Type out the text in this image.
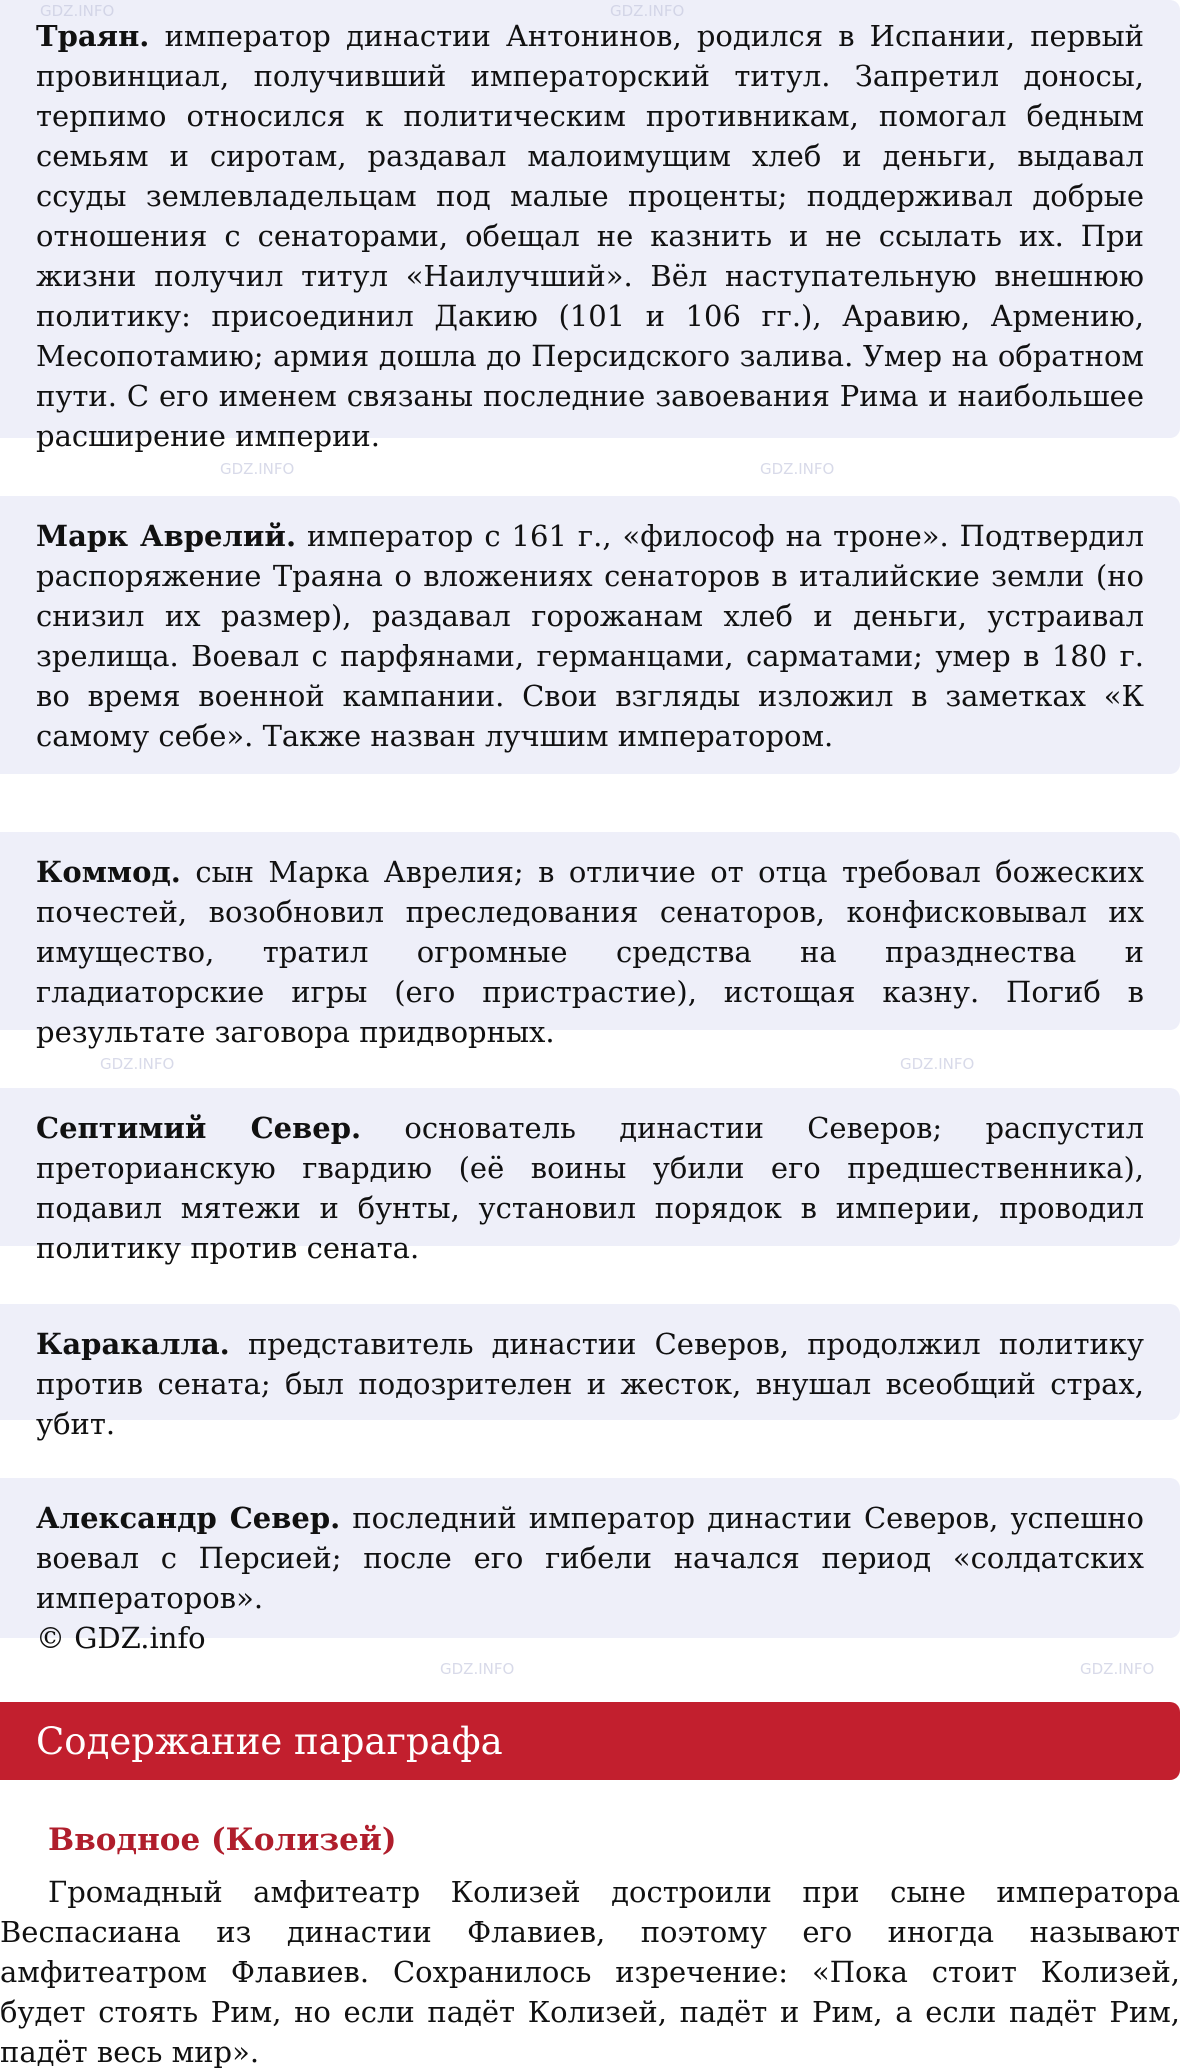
Траян. император династии Антонинов, родился в Испании, первый провинциал, получивший императорский титул. Запретил доносы, терпимо относился к политическим противникам, помогал бедным семьям и сиротам, раздавал малоимущим хлеб и деньги, выдавал ссуды землевладельцам под малые проценты; поддерживал добрые отношения с сенаторами, обещал не казнить и не ссылать их. При жизни получил титул «Наилучший». Вёл наступательную внешнюю политику: присоединил Дакию (101 и 106 гг.), Аравию, Армению, Месопотамию; армия дошла до Персидского залива. Умер на обратном пути. С его именем связаны последние завоевания Рима и наибольшее расширение империи.

Марк Аврелий. император с 161 г., «философ на троне». Подтвердил распоряжение Траяна о вложениях сенаторов в италийские земли (но снизил их размер), раздавал горожанам хлеб и деньги, устраивал зрелища. Воевал с парфянами, германцами, сарматами; умер в 180 г. во время военной кампании. Свои взгляды изложил в заметках «К самому себе». Также назван лучшим императором.

Коммод. сын Марка Аврелия; в отличие от отца требовал божеских почестей, возобновил преследования сенаторов, конфисковывал их имущество, тратил огромные средства на празднества и гладиаторские игры (его пристрастие), истощая казну. Погиб в результате заговора придворных.

Септимий Север. основатель династии Северов; распустил преторианскую гвардию (её воины убили его предшественника), подавил мятежи и бунты, установил порядок в империи, проводил политику против сената.

Каракалла. представитель династии Северов, продолжил политику против сената; был подозрителен и жесток, внушал всеобщий страх, убит.

Александр Север. последний император династии Северов, успешно воевал с Персией; после его гибели начался период «солдатских императоров».
© GDZ.info

Содержание параграфа
Вводное (Колизей)

Громадный амфитеатр Колизей достроили при сыне императора Веспасиана из династии Флавиев, поэтому его иногда называют амфитеатром Флавиев. Сохранилось изречение: «Пока стоит Колизей, будет стоять Рим, но если падёт Колизей, падёт и Рим, а если падёт Рим, падёт весь мир».

GDZ.INFO	GDZ.INFO
GDZ.INFO	GDZ.INFO
GDZ.INFO	GDZ.INFO
GDZ.INFO	GDZ.INFO
